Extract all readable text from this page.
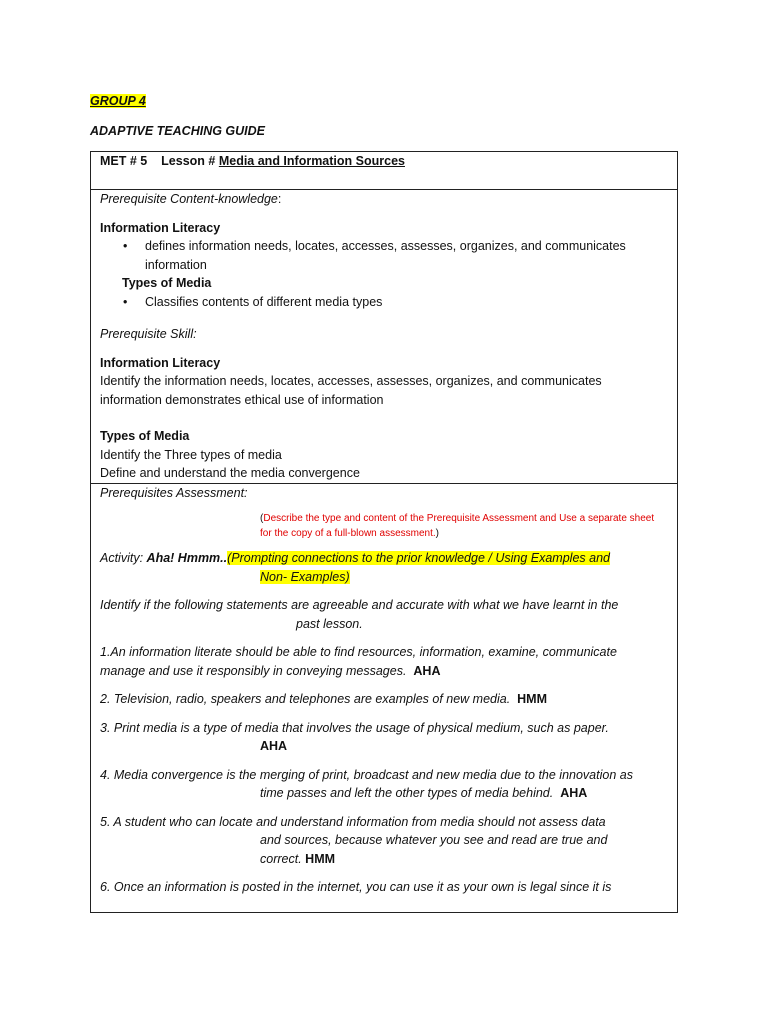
GROUP 4
ADAPTIVE TEACHING GUIDE
MET # 5 Lesson # Media and Information Sources

Prerequisite Content-knowledge:

Information Literacy

• defines information needs, locates, accesses, assesses, organizes, and communicates information

Types of Media

• Classifies contents of different media types

Prerequisite Skill:

Information Literacy

Identify the information needs, locates, accesses, assesses, organizes, and communicates

information demonstrates ethical use of information

Types of Media

Identify the Three types of media

Define and understand the media convergence

Prerequisites Assessment:

(Describe the type and content of the Prerequisite Assessment and Use a separate sheet for the copy of a full-blown assessment.)

Activity: Aha! Hmmm..(Prompting connections to the prior knowledge / Using Examples and

Non- Examples)

Identify if the following statements are agreeable and accurate with what we have learnt in the

past lesson.

1.An information literate should be able to find resources, information, examine, communicate

manage and use it responsibly in conveying messages. AHA

2. Television, radio, speakers and telephones are examples of new media. HMM

3. Print media is a type of media that involves the usage of physical medium, such as paper.

AHA

4. Media convergence is the merging of print, broadcast and new media due to the innovation as

time passes and left the other types of media behind. AHA

5. A student who can locate and understand information from media should not assess data

and sources, because whatever you see and read are true and

correct. HMM

6. Once an information is posted in the internet, you can use it as your own is legal since it is
